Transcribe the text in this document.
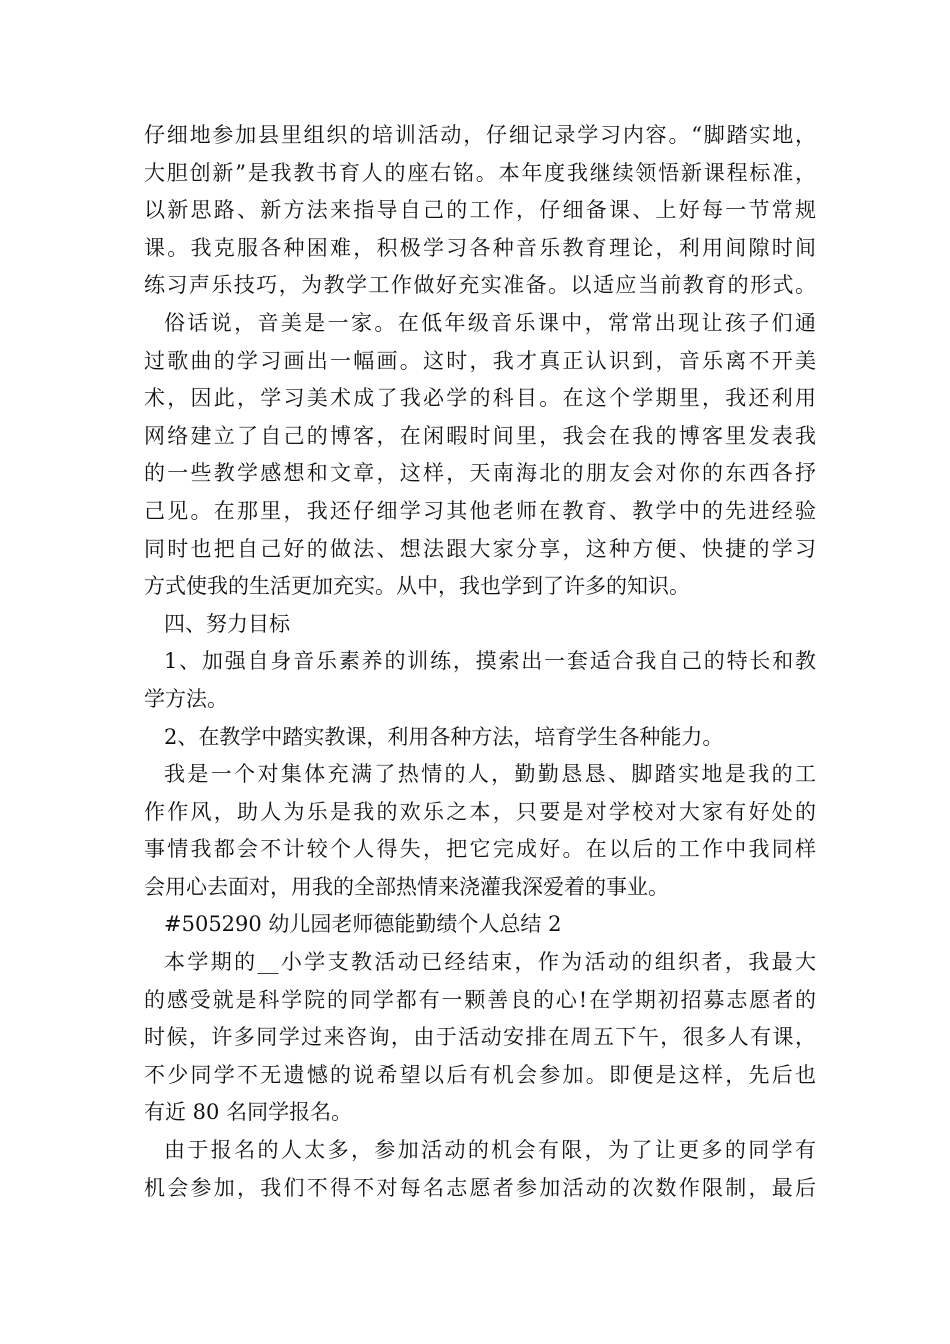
仔细地参加县里组织的培训活动，仔细记录学习内容。“脚踏实地，
大胆创新”是我教书育人的座右铭。本年度我继续领悟新课程标准，
以新思路、新方法来指导自己的工作，仔细备课、上好每一节常规
课。我克服各种困难，积极学习各种音乐教育理论，利用间隙时间
练习声乐技巧，为教学工作做好充实准备。以适应当前教育的形式。
俗话说，音美是一家。在低年级音乐课中，常常出现让孩子们通
过歌曲的学习画出一幅画。这时，我才真正认识到，音乐离不开美
术，因此，学习美术成了我必学的科目。在这个学期里，我还利用
网络建立了自己的博客，在闲暇时间里，我会在我的博客里发表我
的一些教学感想和文章，这样，天南海北的朋友会对你的东西各抒
己见。在那里，我还仔细学习其他老师在教育、教学中的先进经验
同时也把自己好的做法、想法跟大家分享，这种方便、快捷的学习
方式使我的生活更加充实。从中，我也学到了许多的知识。
四、努力目标
1、加强自身音乐素养的训练，摸索出一套适合我自己的特长和教
学方法。
2、在教学中踏实教课，利用各种方法，培育学生各种能力。
我是一个对集体充满了热情的人，勤勤恳恳、脚踏实地是我的工
作作风，助人为乐是我的欢乐之本，只要是对学校对大家有好处的
事情我都会不计较个人得失，把它完成好。在以后的工作中我同样
会用心去面对，用我的全部热情来浇灌我深爱着的事业。
#505290 幼儿园老师德能勤绩个人总结 2
本学期的__小学支教活动已经结束，作为活动的组织者，我最大
的感受就是科学院的同学都有一颗善良的心!在学期初招募志愿者的
时候，许多同学过来咨询，由于活动安排在周五下午，很多人有课，
不少同学不无遗憾的说希望以后有机会参加。即便是这样，先后也
有近 80 名同学报名。
由于报名的人太多，参加活动的机会有限，为了让更多的同学有
机会参加，我们不得不对每名志愿者参加活动的次数作限制，最后
